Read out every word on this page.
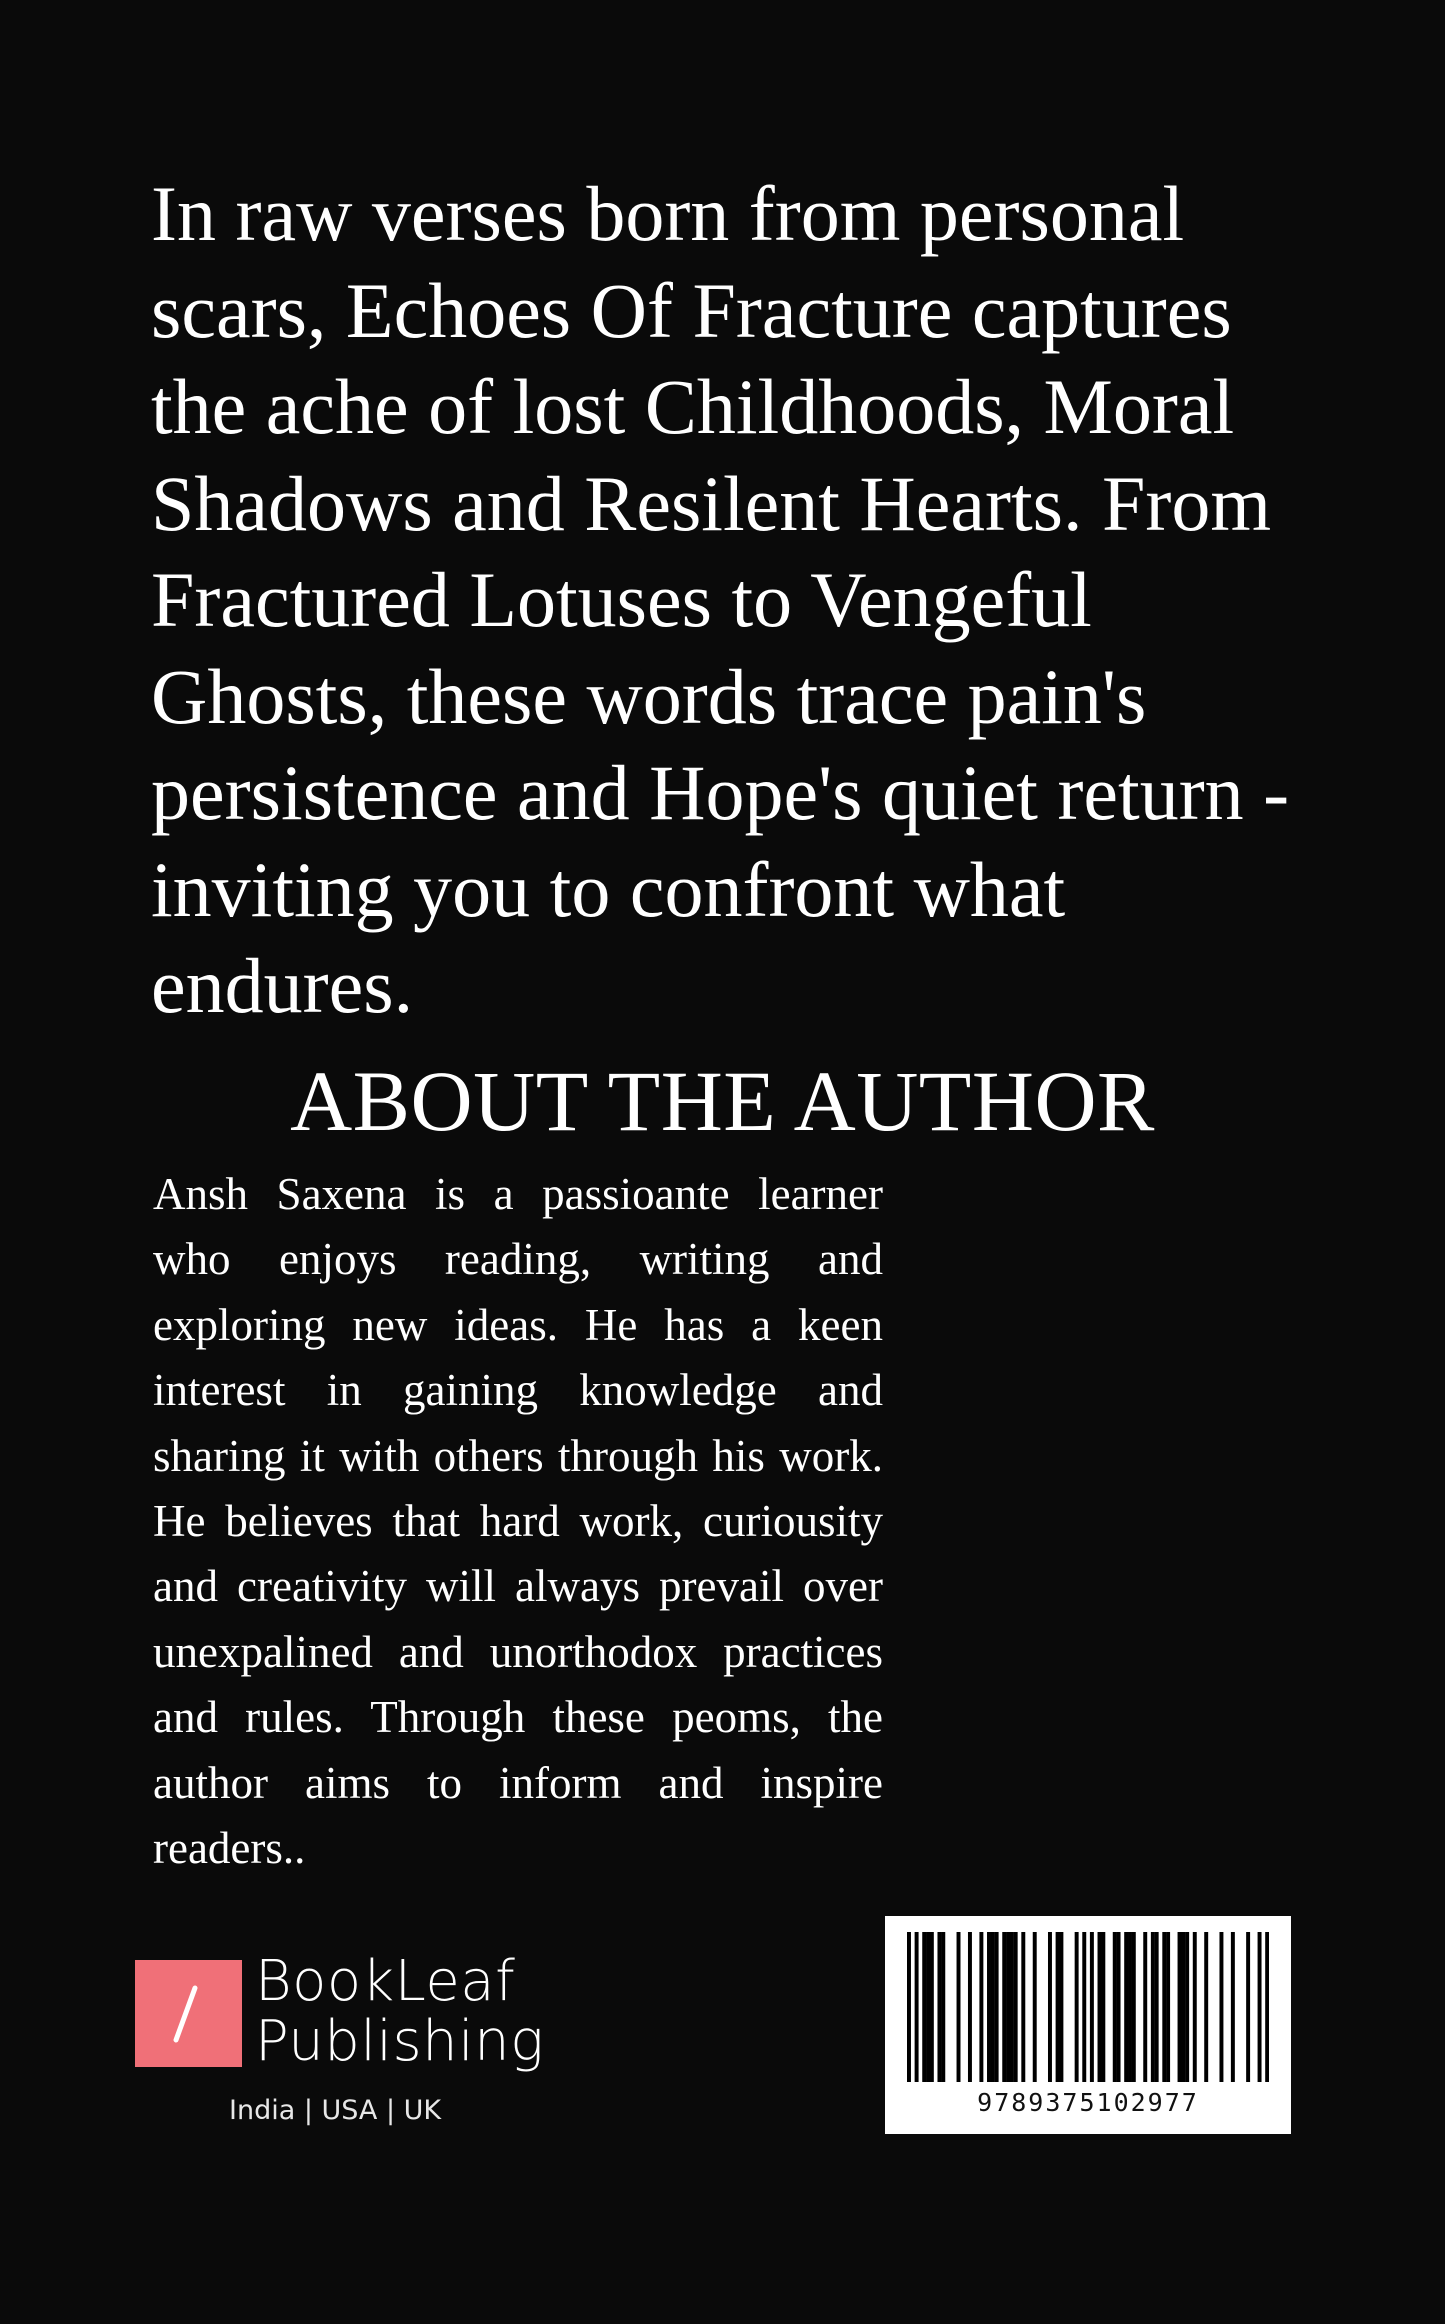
In raw verses born from personal scars, Echoes Of Fracture captures the ache of lost Childhoods, Moral Shadows and Resilent Hearts. From Fractured Lotuses to Vengeful Ghosts, these words trace pain's persistence and Hope's quiet return - inviting you to confront what endures.

ABOUT THE AUTHOR

Ansh Saxena is a passioante learner who enjoys reading, writing and exploring new ideas. He has a keen interest in gaining knowledge and sharing it with others through his work. He believes that hard work, curiousity and creativity will always prevail over unexpalined and unorthodox practices and rules. Through these peoms, the author aims to inform and inspire readers..

BookLeaf
Publishing
India | USA | UK	9789375102977
